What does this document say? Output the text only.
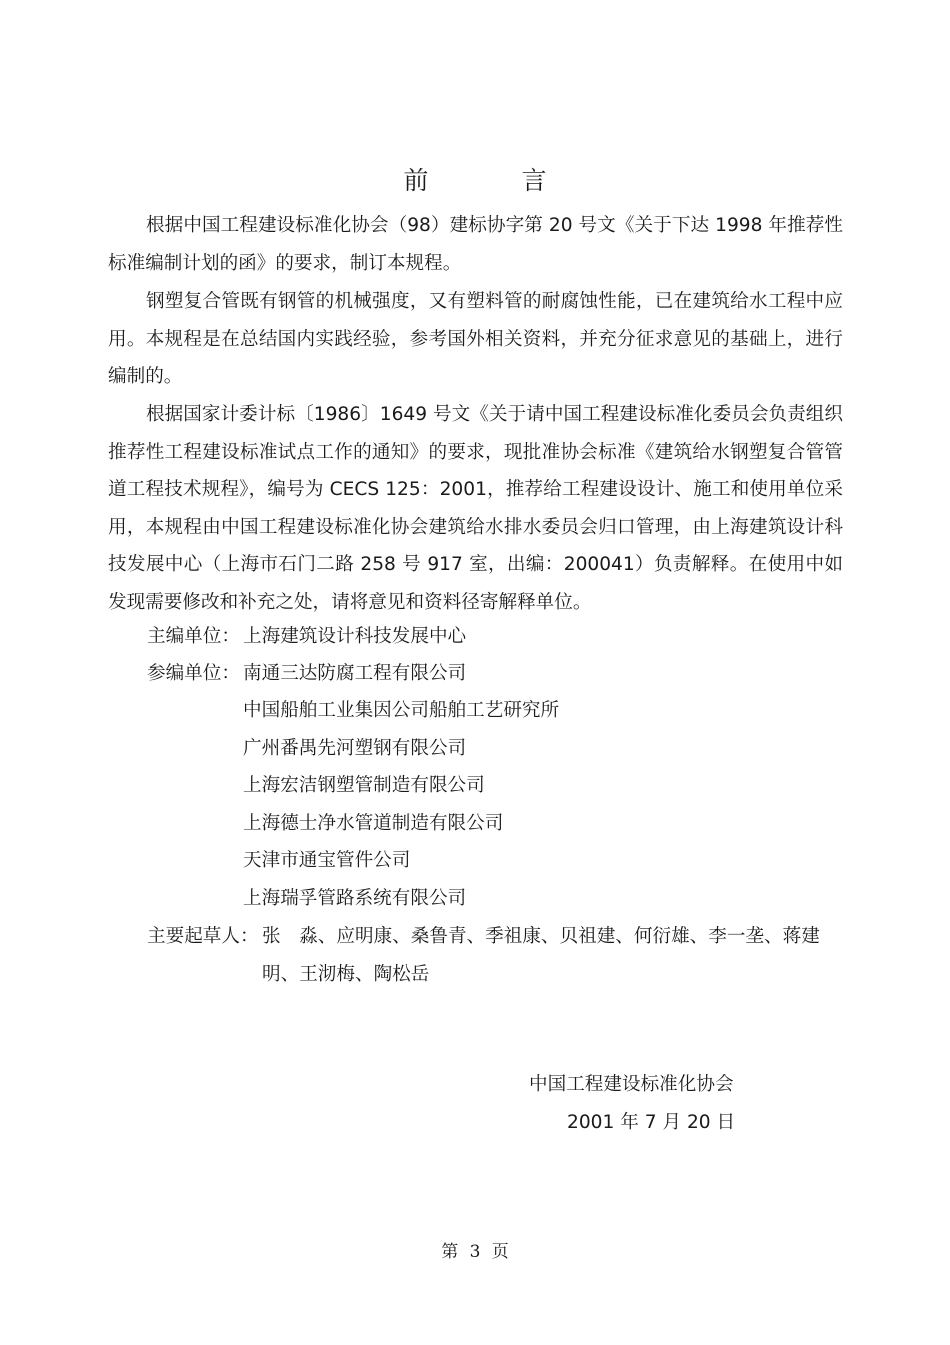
前　言

根据中国工程建设标准化协会（98）建标协字第 20 号文《关于下达 1998 年推荐性标准编制计划的函》的要求，制订本规程。

钢塑复合管既有钢管的机械强度，又有塑料管的耐腐蚀性能，已在建筑给水工程中应用。本规程是在总结国内实践经验，参考国外相关资料，并充分征求意见的基础上，进行编制的。

根据国家计委计标〔1986〕1649 号文《关于请中国工程建设标准化委员会负责组织推荐性工程建设标准试点工作的通知》的要求，现批准协会标准《建筑给水钢塑复合管管道工程技术规程》，编号为 CECS 125：2001，推荐给工程建设设计、施工和使用单位采用，本规程由中国工程建设标准化协会建筑给水排水委员会归口管理，由上海建筑设计科技发展中心（上海市石门二路 258 号 917 室，出编：200041）负责解释。在使用中如发现需要修改和补充之处，请将意见和资料径寄解释单位。

主编单位： 上海建筑设计科技发展中心
参编单位： 南通三达防腐工程有限公司
中国船舶工业集因公司船舶工艺研究所
广州番禺先河塑钢有限公司
上海宏洁钢塑管制造有限公司
上海德士净水管道制造有限公司
天津市通宝管件公司
上海瑞孚管路系统有限公司
主要起草人： 张　淼、应明康、桑鲁青、季祖康、贝祖建、何衍雄、李一垄、蒋建明、王沏梅、陶松岳
中国工程建设标准化协会
2001 年 7 月 20 日
第 3 页
